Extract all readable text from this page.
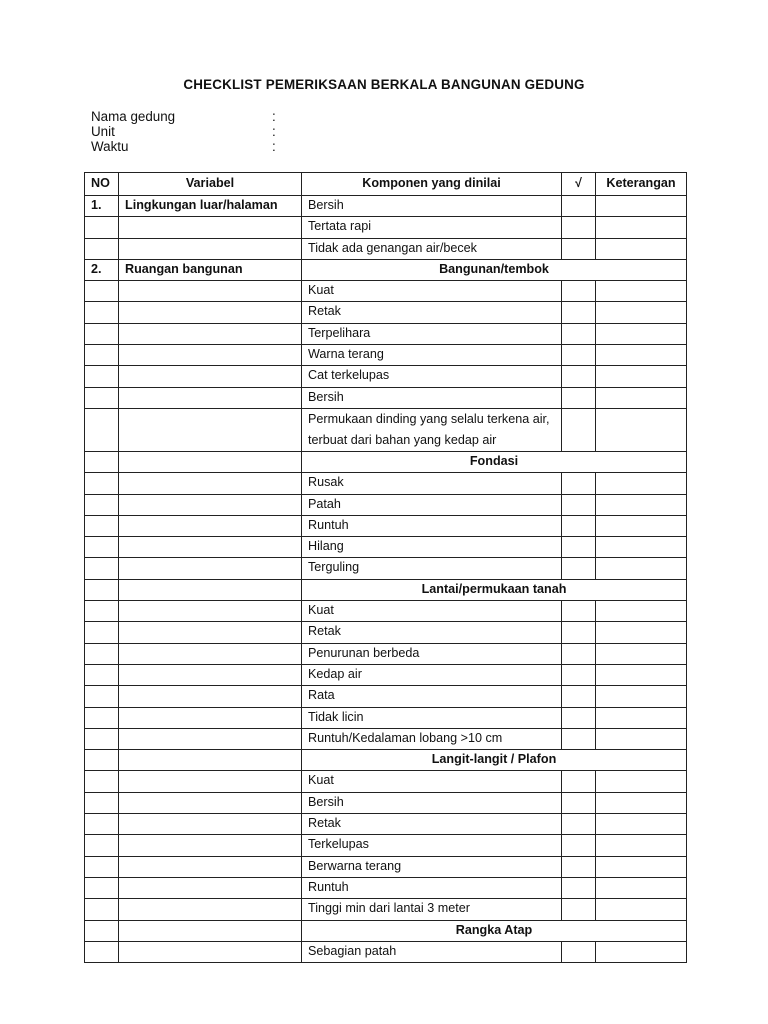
CHECKLIST PEMERIKSAAN BERKALA BANGUNAN GEDUNG
Nama gedung	:
Unit	:
Waktu	:
NO	Variabel	Komponen yang dinilai	√	Keterangan
1.	Lingkungan luar/halaman	Bersih		
		Tertata rapi		
		Tidak ada genangan air/becek		
2.	Ruangan bangunan	Bangunan/tembok		
		Kuat		
		Retak		
		Terpelihara		
		Warna terang		
		Cat terkelupas		
		Bersih		
		Permukaan dinding yang selalu terkena air, terbuat dari bahan yang kedap air		
		Fondasi		
		Rusak		
		Patah		
		Runtuh		
		Hilang		
		Terguling		
		Lantai/permukaan tanah		
		Kuat		
		Retak		
		Penurunan berbeda		
		Kedap air		
		Rata		
		Tidak licin		
		Runtuh/Kedalaman lobang >10 cm		
		Langit-langit / Plafon		
		Kuat		
		Bersih		
		Retak		
		Terkelupas		
		Berwarna terang		
		Runtuh		
		Tinggi min dari lantai 3 meter		
		Rangka Atap		
		Sebagian patah		
